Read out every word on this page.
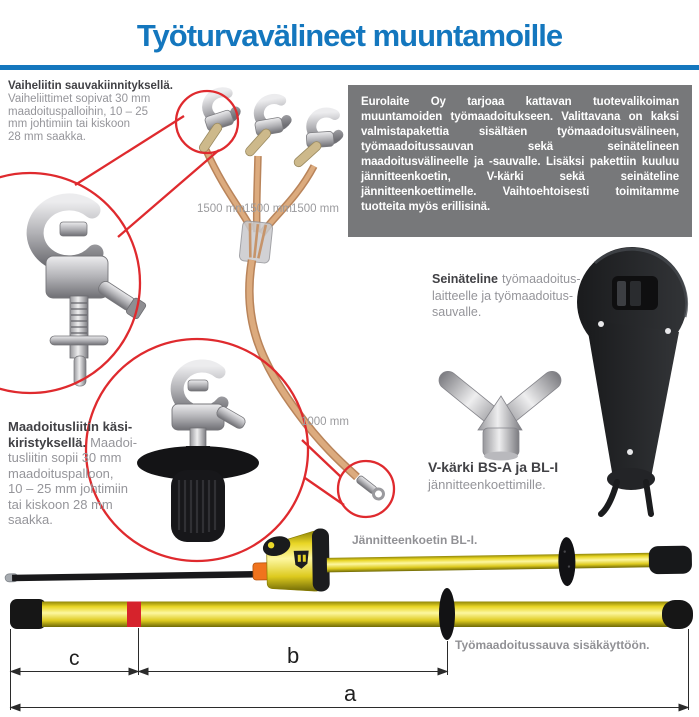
Työturvavälineet muuntamoille
Vaiheliitin sauvakiinnityksellä.
Vaiheliittimet sopivat 30 mm
maadoituspalloihin, 10 – 25
mm johtimiin tai kiskoon
28 mm saakka.

Eurolaite Oy tarjoaa kattavan tuotevalikoiman muuntamoiden työmaadoitukseen. Valittavana on kaksi valmistapakettia sisältäen työmaadoitusvälineen, työmaadoitussauvan sekä seinätelineen maadoitusvälineelle ja -sauvalle. Lisäksi pakettiin kuuluu jännitteenkoetin, V-kärki sekä seinäteline jännitteenkoettimelle. Vaihtoehtoisesti toimitamme tuotteita myös erillisinä.

1500 mm 1500 mm 1500 mm
1000 mm
Seinäteline työmaadoitus-
laitteelle ja työmaadoitus-
sauvalle.
V-kärki BS-A ja BL-I
jännitteenkoettimille.
Maadoitusliitin käsi-
kiristyksellä. Maadoi-
tusliitin sopii 30 mm
maadoituspalloon,
10 – 25 mm johtimiin
tai kiskoon 28 mm
saakka.
Jännitteenkoetin BL-I.
Työmaadoitussauva sisäkäyttöön.
c	b
a
